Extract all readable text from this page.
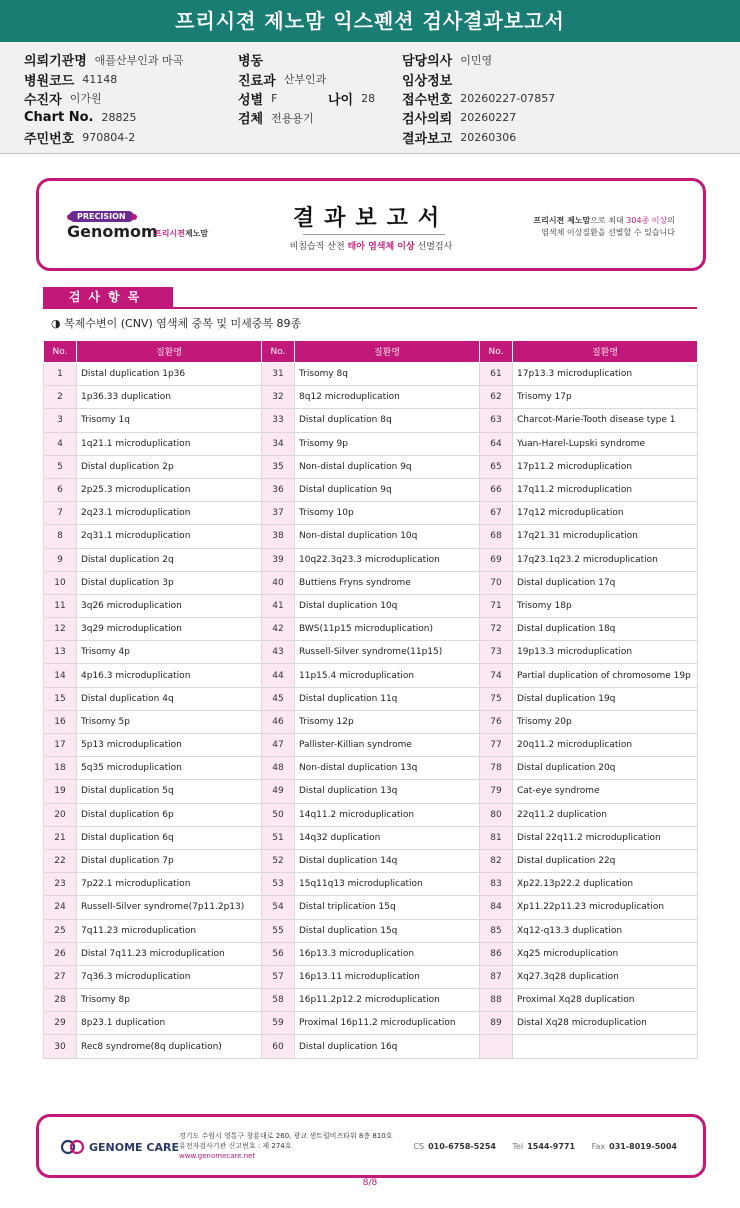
프리시젼 제노맘 익스펜션 검사결과보고서
의뢰기관명 애플산부인과 마곡
병원코드 41148
수진자 이가원
Chart No. 28825
주민번호 970804-2
병동
진료과 산부인과
성별 F
검체 전용용기
나이 28
담당의사 이민영
임상정보
접수번호 20260227-07857
검사의뢰 20260227
결과보고 20260306
PRECISION
Genomom
프리시젼제노맘
결과보고서
비침습적 산전 태아 염색체 이상 선별검사
프리시젼 제노맘으로 최대 304종 이상의
염색체 이상질환을 선별할 수 있습니다
검사항목
◑ 복제수변이 (CNV) 염색체 중복 및 미세중복 89종
No.	질환명	No.	질환명	No.	질환명
1	Distal duplication 1p36	31	Trisomy 8q	61	17p13.3 microduplication
2	1p36.33 duplication	32	8q12 microduplication	62	Trisomy 17p
3	Trisomy 1q	33	Distal duplication 8q	63	Charcot-Marie-Tooth disease type 1
4	1q21.1 microduplication	34	Trisomy 9p	64	Yuan-Harel-Lupski syndrome
5	Distal duplication 2p	35	Non-distal duplication 9q	65	17p11.2 microduplication
6	2p25.3 microduplication	36	Distal duplication 9q	66	17q11.2 microduplication
7	2q23.1 microduplication	37	Trisomy 10p	67	17q12 microduplication
8	2q31.1 microduplication	38	Non-distal duplication 10q	68	17q21.31 microduplication
9	Distal duplication 2q	39	10q22.3q23.3 microduplication	69	17q23.1q23.2 microduplication
10	Distal duplication 3p	40	Buttiens Fryns syndrome	70	Distal duplication 17q
11	3q26 microduplication	41	Distal duplication 10q	71	Trisomy 18p
12	3q29 microduplication	42	BWS(11p15 microduplication)	72	Distal duplication 18q
13	Trisomy 4p	43	Russell-Silver syndrome(11p15)	73	19p13.3 microduplication
14	4p16.3 microduplication	44	11p15.4 microduplication	74	Partial duplication of chromosome 19p
15	Distal duplication 4q	45	Distal duplication 11q	75	Distal duplication 19q
16	Trisomy 5p	46	Trisomy 12p	76	Trisomy 20p
17	5p13 microduplication	47	Pallister-Killian syndrome	77	20q11.2 microduplication
18	5q35 microduplication	48	Non-distal duplication 13q	78	Distal duplication 20q
19	Distal duplication 5q	49	Distal duplication 13q	79	Cat-eye syndrome
20	Distal duplication 6p	50	14q11.2 microduplication	80	22q11.2 duplication
21	Distal duplication 6q	51	14q32 duplication	81	Distal 22q11.2 microduplication
22	Distal duplication 7p	52	Distal duplication 14q	82	Distal duplication 22q
23	7p22.1 microduplication	53	15q11q13 microduplication	83	Xp22.13p22.2 duplication
24	Russell-Silver syndrome(7p11.2p13)	54	Distal triplication 15q	84	Xp11.22p11.23 microduplication
25	7q11.23 microduplication	55	Distal duplication 15q	85	Xq12-q13.3 duplication
26	Distal 7q11.23 microduplication	56	16p13.3 microduplication	86	Xq25 microduplication
27	7q36.3 microduplication	57	16p13.11 microduplication	87	Xq27.3q28 duplication
28	Trisomy 8p	58	16p11.2p12.2 microduplication	88	Proximal Xq28 duplication
29	8p23.1 duplication	59	Proximal 16p11.2 microduplication	89	Distal Xq28 microduplication
30	Rec8 syndrome(8q duplication)	60	Distal duplication 16q		
GENOME CARE
경기도 수원시 영통구 창룡대로 260, 광교 센트럴비즈타워 8층 810호
유전자검사기관 신고번호 : 제 274호
www.genomecare.net
CS 010-6758-5254 Tel 1544-9771 Fax 031-8019-5004
8/8
